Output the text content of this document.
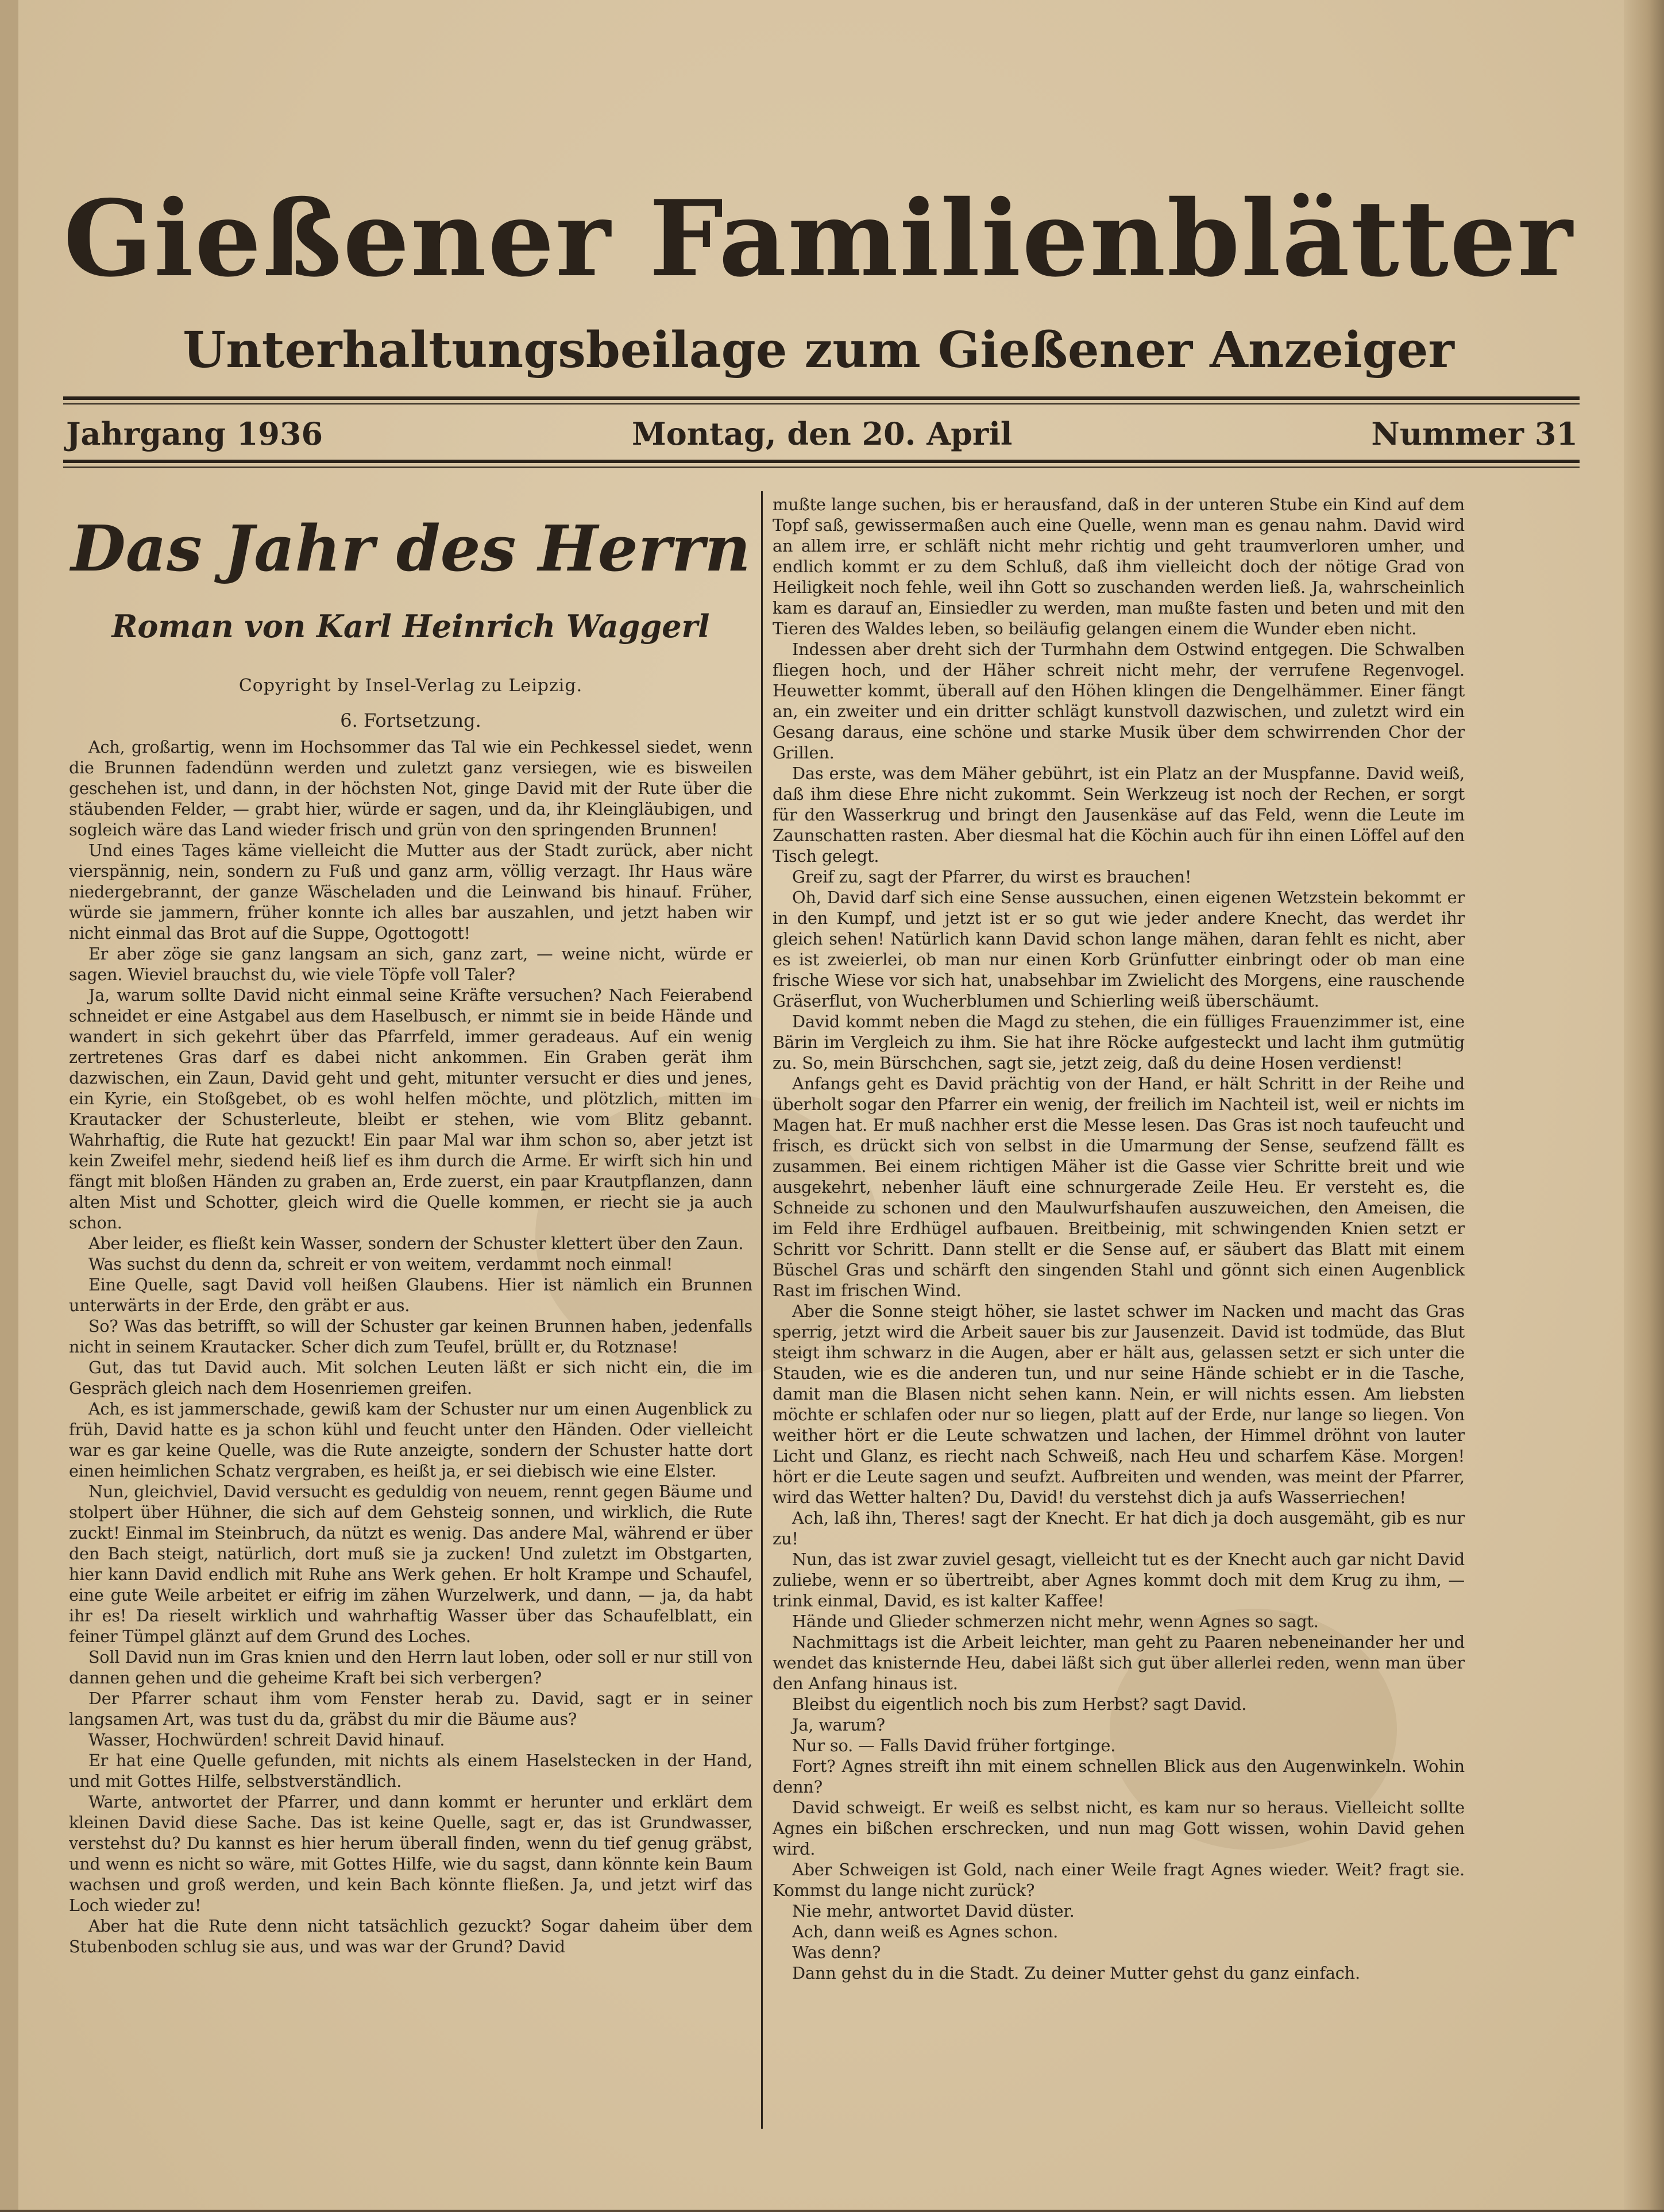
Gießener Familienblätter
Unterhaltungsbeilage zum Gießener Anzeiger
Jahrgang 1936	Montag, den 20. April	Nummer 31
Das Jahr des Herrn

Roman von Karl Heinrich Waggerl

Copyright by Insel-Verlag zu Leipzig.

6. Fortsetzung.

Ach, großartig, wenn im Hochsommer das Tal wie ein Pechkessel siedet, wenn die Brunnen fadendünn werden und zuletzt ganz versiegen, wie es bisweilen geschehen ist, und dann, in der höchsten Not, ginge David mit der Rute über die stäubenden Felder, — grabt hier, würde er sagen, und da, ihr Kleingläubigen, und sogleich wäre das Land wieder frisch und grün von den springenden Brunnen!

Und eines Tages käme vielleicht die Mutter aus der Stadt zurück, aber nicht vierspännig, nein, sondern zu Fuß und ganz arm, völlig verzagt. Ihr Haus wäre niedergebrannt, der ganze Wäscheladen und die Leinwand bis hinauf. Früher, würde sie jammern, früher konnte ich alles bar auszahlen, und jetzt haben wir nicht einmal das Brot auf die Suppe, Ogottogott!

Er aber zöge sie ganz langsam an sich, ganz zart, — weine nicht, würde er sagen. Wieviel brauchst du, wie viele Töpfe voll Taler?

Ja, warum sollte David nicht einmal seine Kräfte versuchen? Nach Feierabend schneidet er eine Astgabel aus dem Haselbusch, er nimmt sie in beide Hände und wandert in sich gekehrt über das Pfarrfeld, immer geradeaus. Auf ein wenig zertretenes Gras darf es dabei nicht ankommen. Ein Graben gerät ihm dazwischen, ein Zaun, David geht und geht, mitunter versucht er dies und jenes, ein Kyrie, ein Stoßgebet, ob es wohl helfen möchte, und plötzlich, mitten im Krautacker der Schusterleute, bleibt er stehen, wie vom Blitz gebannt. Wahrhaftig, die Rute hat gezuckt! Ein paar Mal war ihm schon so, aber jetzt ist kein Zweifel mehr, siedend heiß lief es ihm durch die Arme. Er wirft sich hin und fängt mit bloßen Händen zu graben an, Erde zuerst, ein paar Krautpflanzen, dann alten Mist und Schotter, gleich wird die Quelle kommen, er riecht sie ja auch schon.

Aber leider, es fließt kein Wasser, sondern der Schuster klettert über den Zaun.

Was suchst du denn da, schreit er von weitem, verdammt noch einmal!

Eine Quelle, sagt David voll heißen Glaubens. Hier ist nämlich ein Brunnen unterwärts in der Erde, den gräbt er aus.

So? Was das betrifft, so will der Schuster gar keinen Brunnen haben, jedenfalls nicht in seinem Krautacker. Scher dich zum Teufel, brüllt er, du Rotznase!

Gut, das tut David auch. Mit solchen Leuten läßt er sich nicht ein, die im Gespräch gleich nach dem Hosenriemen greifen.

Ach, es ist jammerschade, gewiß kam der Schuster nur um einen Augenblick zu früh, David hatte es ja schon kühl und feucht unter den Händen. Oder vielleicht war es gar keine Quelle, was die Rute anzeigte, sondern der Schuster hatte dort einen heimlichen Schatz vergraben, es heißt ja, er sei diebisch wie eine Elster.

Nun, gleichviel, David versucht es geduldig von neuem, rennt gegen Bäume und stolpert über Hühner, die sich auf dem Gehsteig sonnen, und wirklich, die Rute zuckt! Einmal im Steinbruch, da nützt es wenig. Das andere Mal, während er über den Bach steigt, natürlich, dort muß sie ja zucken! Und zuletzt im Obstgarten, hier kann David endlich mit Ruhe ans Werk gehen. Er holt Krampe und Schaufel, eine gute Weile arbeitet er eifrig im zähen Wurzelwerk, und dann, — ja, da habt ihr es! Da rieselt wirklich und wahrhaftig Wasser über das Schaufelblatt, ein feiner Tümpel glänzt auf dem Grund des Loches.

Soll David nun im Gras knien und den Herrn laut loben, oder soll er nur still von dannen gehen und die geheime Kraft bei sich verbergen?

Der Pfarrer schaut ihm vom Fenster herab zu. David, sagt er in seiner langsamen Art, was tust du da, gräbst du mir die Bäume aus?

Wasser, Hochwürden! schreit David hinauf.

Er hat eine Quelle gefunden, mit nichts als einem Haselstecken in der Hand, und mit Gottes Hilfe, selbstverständlich.

Warte, antwortet der Pfarrer, und dann kommt er herunter und erklärt dem kleinen David diese Sache. Das ist keine Quelle, sagt er, das ist Grundwasser, verstehst du? Du kannst es hier herum überall finden, wenn du tief genug gräbst, und wenn es nicht so wäre, mit Gottes Hilfe, wie du sagst, dann könnte kein Baum wachsen und groß werden, und kein Bach könnte fließen. Ja, und jetzt wirf das Loch wieder zu!

Aber hat die Rute denn nicht tatsächlich gezuckt? Sogar daheim über dem Stubenboden schlug sie aus, und was war der Grund? David

mußte lange suchen, bis er herausfand, daß in der unteren Stube ein Kind auf dem Topf saß, gewissermaßen auch eine Quelle, wenn man es genau nahm. David wird an allem irre, er schläft nicht mehr richtig und geht traumverloren umher, und endlich kommt er zu dem Schluß, daß ihm vielleicht doch der nötige Grad von Heiligkeit noch fehle, weil ihn Gott so zuschanden werden ließ. Ja, wahrscheinlich kam es darauf an, Einsiedler zu werden, man mußte fasten und beten und mit den Tieren des Waldes leben, so beiläufig gelangen einem die Wunder eben nicht.

Indessen aber dreht sich der Turmhahn dem Ostwind entgegen. Die Schwalben fliegen hoch, und der Häher schreit nicht mehr, der verrufene Regenvogel. Heuwetter kommt, überall auf den Höhen klingen die Dengelhämmer. Einer fängt an, ein zweiter und ein dritter schlägt kunstvoll dazwischen, und zuletzt wird ein Gesang daraus, eine schöne und starke Musik über dem schwirrenden Chor der Grillen.

Das erste, was dem Mäher gebührt, ist ein Platz an der Muspfanne. David weiß, daß ihm diese Ehre nicht zukommt. Sein Werkzeug ist noch der Rechen, er sorgt für den Wasserkrug und bringt den Jausenkäse auf das Feld, wenn die Leute im Zaunschatten rasten. Aber diesmal hat die Köchin auch für ihn einen Löffel auf den Tisch gelegt.

Greif zu, sagt der Pfarrer, du wirst es brauchen!

Oh, David darf sich eine Sense aussuchen, einen eigenen Wetzstein bekommt er in den Kumpf, und jetzt ist er so gut wie jeder andere Knecht, das werdet ihr gleich sehen! Natürlich kann David schon lange mähen, daran fehlt es nicht, aber es ist zweierlei, ob man nur einen Korb Grünfutter einbringt oder ob man eine frische Wiese vor sich hat, unabsehbar im Zwielicht des Morgens, eine rauschende Gräserflut, von Wucherblumen und Schierling weiß überschäumt.

David kommt neben die Magd zu stehen, die ein fülliges Frauenzimmer ist, eine Bärin im Vergleich zu ihm. Sie hat ihre Röcke aufgesteckt und lacht ihm gutmütig zu. So, mein Bürschchen, sagt sie, jetzt zeig, daß du deine Hosen verdienst!

Anfangs geht es David prächtig von der Hand, er hält Schritt in der Reihe und überholt sogar den Pfarrer ein wenig, der freilich im Nachteil ist, weil er nichts im Magen hat. Er muß nachher erst die Messe lesen. Das Gras ist noch taufeucht und frisch, es drückt sich von selbst in die Umarmung der Sense, seufzend fällt es zusammen. Bei einem richtigen Mäher ist die Gasse vier Schritte breit und wie ausgekehrt, nebenher läuft eine schnurgerade Zeile Heu. Er versteht es, die Schneide zu schonen und den Maulwurfshaufen auszuweichen, den Ameisen, die im Feld ihre Erdhügel aufbauen. Breitbeinig, mit schwingenden Knien setzt er Schritt vor Schritt. Dann stellt er die Sense auf, er säubert das Blatt mit einem Büschel Gras und schärft den singenden Stahl und gönnt sich einen Augenblick Rast im frischen Wind.

Aber die Sonne steigt höher, sie lastet schwer im Nacken und macht das Gras sperrig, jetzt wird die Arbeit sauer bis zur Jausenzeit. David ist todmüde, das Blut steigt ihm schwarz in die Augen, aber er hält aus, gelassen setzt er sich unter die Stauden, wie es die anderen tun, und nur seine Hände schiebt er in die Tasche, damit man die Blasen nicht sehen kann. Nein, er will nichts essen. Am liebsten möchte er schlafen oder nur so liegen, platt auf der Erde, nur lange so liegen. Von weither hört er die Leute schwatzen und lachen, der Himmel dröhnt von lauter Licht und Glanz, es riecht nach Schweiß, nach Heu und scharfem Käse. Morgen! hört er die Leute sagen und seufzt. Aufbreiten und wenden, was meint der Pfarrer, wird das Wetter halten? Du, David! du verstehst dich ja aufs Wasserriechen!

Ach, laß ihn, Theres! sagt der Knecht. Er hat dich ja doch ausgemäht, gib es nur zu!

Nun, das ist zwar zuviel gesagt, vielleicht tut es der Knecht auch gar nicht David zuliebe, wenn er so übertreibt, aber Agnes kommt doch mit dem Krug zu ihm, — trink einmal, David, es ist kalter Kaffee!

Hände und Glieder schmerzen nicht mehr, wenn Agnes so sagt.

Nachmittags ist die Arbeit leichter, man geht zu Paaren nebeneinander her und wendet das knisternde Heu, dabei läßt sich gut über allerlei reden, wenn man über den Anfang hinaus ist.

Bleibst du eigentlich noch bis zum Herbst? sagt David.

Ja, warum?

Nur so. — Falls David früher fortginge.

Fort? Agnes streift ihn mit einem schnellen Blick aus den Augenwinkeln. Wohin denn?

David schweigt. Er weiß es selbst nicht, es kam nur so heraus. Vielleicht sollte Agnes ein bißchen erschrecken, und nun mag Gott wissen, wohin David gehen wird.

Aber Schweigen ist Gold, nach einer Weile fragt Agnes wieder. Weit? fragt sie. Kommst du lange nicht zurück?

Nie mehr, antwortet David düster.

Ach, dann weiß es Agnes schon.

Was denn?

Dann gehst du in die Stadt. Zu deiner Mutter gehst du ganz einfach.
